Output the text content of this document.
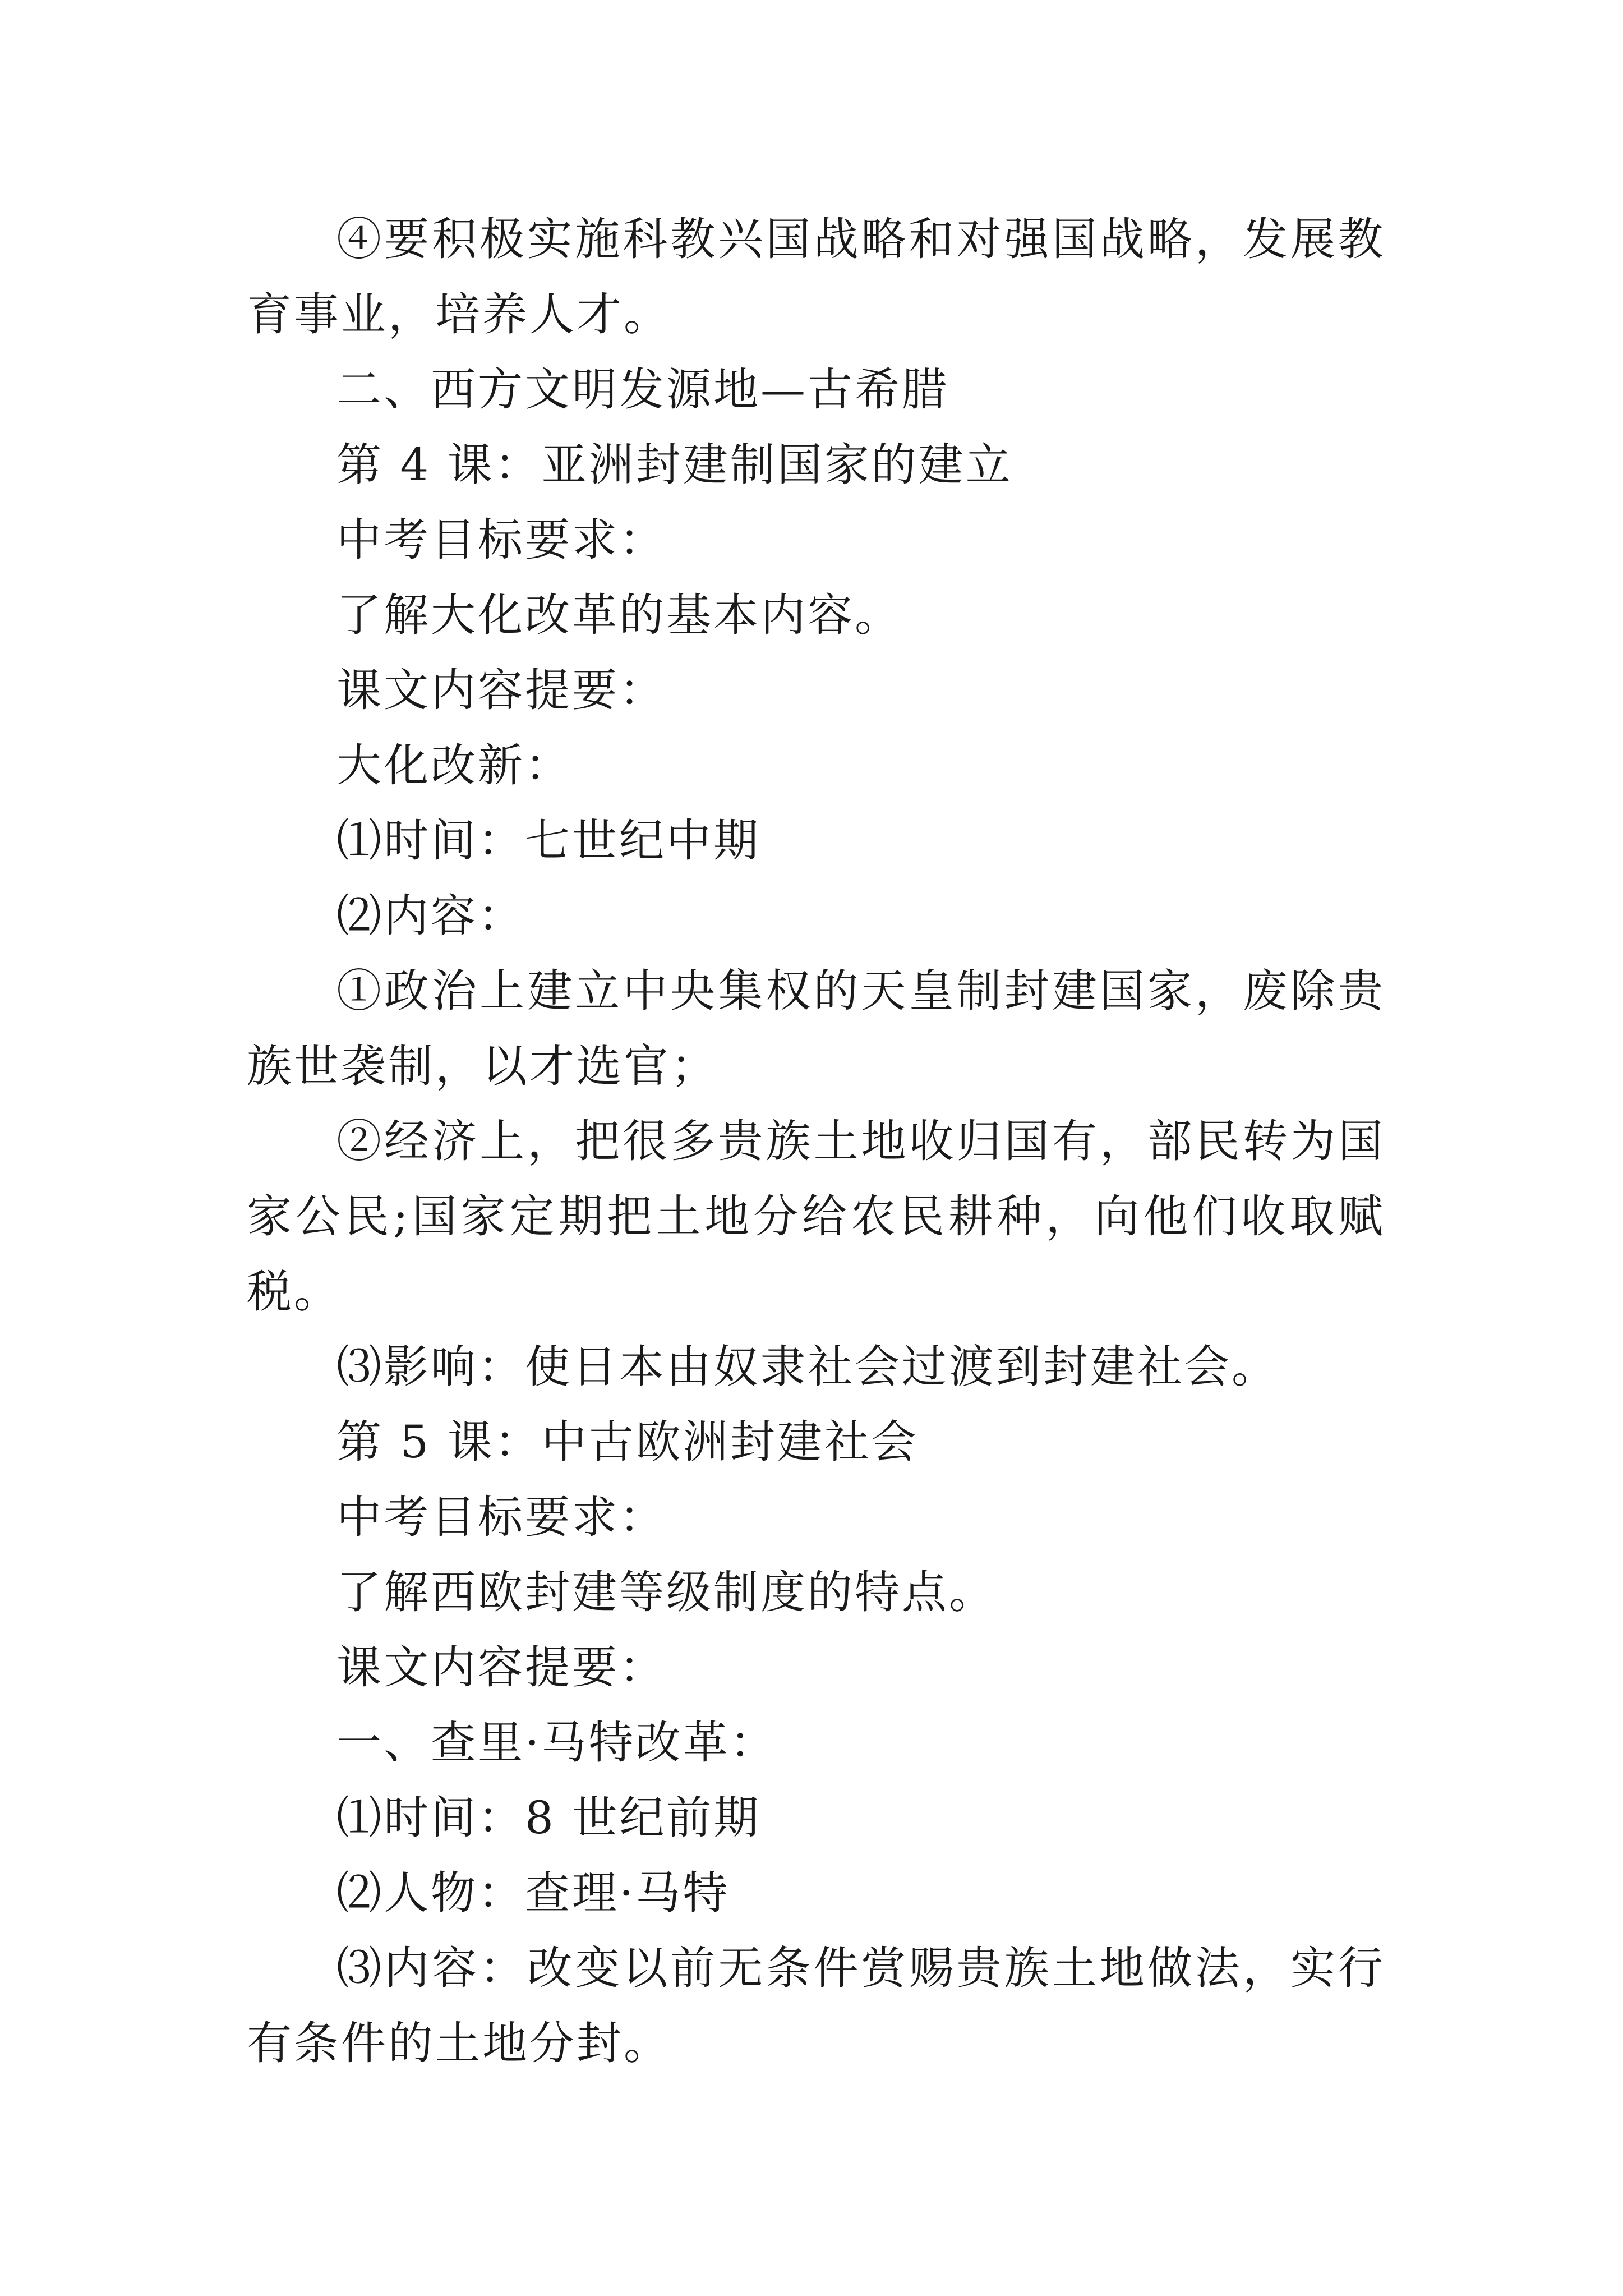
④要积极实施科教兴国战略和对强国战略，发展教育事业，培养人才。

二、西方文明发源地—古希腊

第 4 课：亚洲封建制国家的建立

中考目标要求：

了解大化改革的基本内容。

课文内容提要：

大化改新：

⑴时间：七世纪中期

⑵内容：

①政治上建立中央集权的天皇制封建国家，废除贵族世袭制，以才选官；

②经济上，把很多贵族土地收归国有，部民转为国家公民;国家定期把土地分给农民耕种，向他们收取赋税。

⑶影响：使日本由奴隶社会过渡到封建社会。

第 5 课：中古欧洲封建社会

中考目标要求：

了解西欧封建等级制度的特点。

课文内容提要：

一、查里·马特改革：

⑴时间：8 世纪前期

⑵人物：查理·马特

⑶内容：改变以前无条件赏赐贵族土地做法，实行有条件的土地分封。
